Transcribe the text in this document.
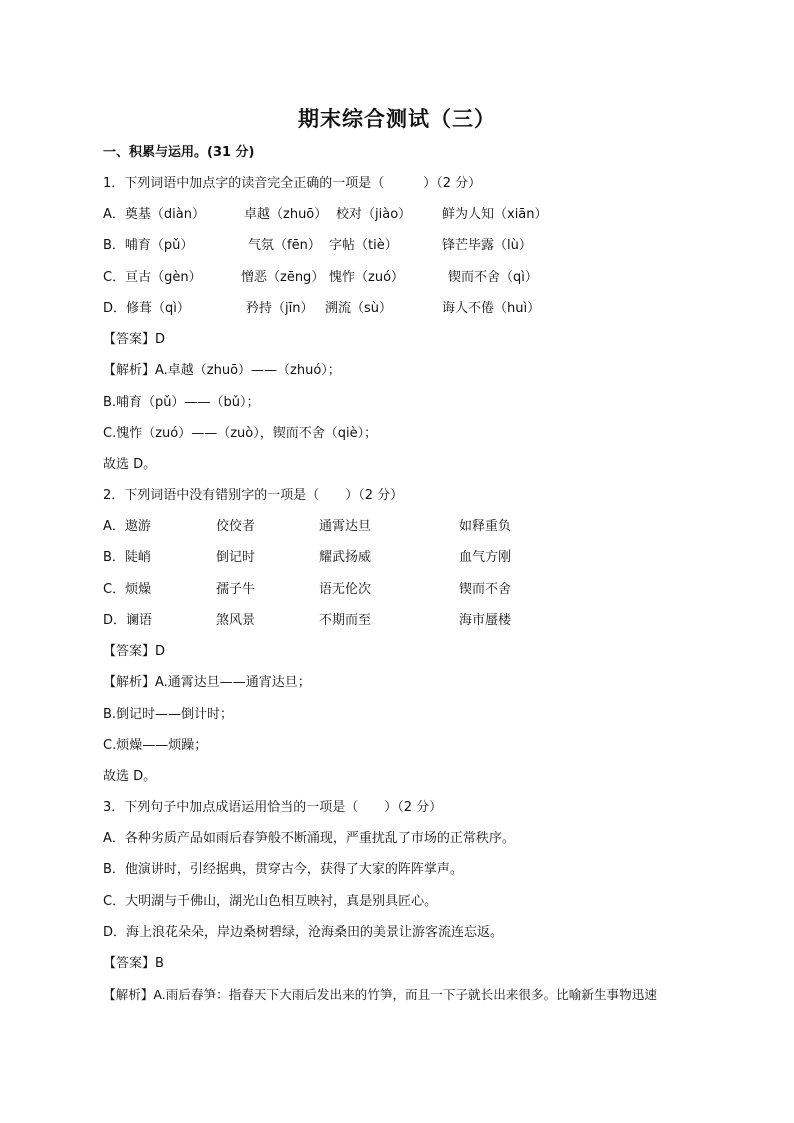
期末综合测试（三）
一、积累与运用。(31 分)
1．下列词语中加点字的读音完全正确的一项是（　　　）（2 分）
A．奠基（diàn）	卓越（zhuō） 校对（jiào） 鲜为人知（xiān）
B．哺育（pǔ）	气氛（fēn） 字帖（tiè）	锋芒毕露（lù）
C．亘古（gèn）	憎恶（zēng） 愧怍（zuó）	锲而不舍（qì）
D．修葺（qì）	矜持（jīn） 溯流（sù）	诲人不倦（huì）
【答案】D
【解析】A.卓越（zhuō）——（zhuó）；
B.哺育（pǔ）——（bǔ）；
C.愧怍（zuó）——（zuò），锲而不舍（qiè）；
故选 D。
2．下列词语中没有错别字的一项是（　　）（2 分）
A．遨游	佼佼者	通霄达旦	如释重负
B．陡峭	倒记时	耀武扬威	血气方刚
C．烦燥	孺子牛	语无伦次	锲而不舍
D．谰语	煞风景	不期而至	海市蜃楼
【答案】D
【解析】A.通霄达旦——通宵达旦；
B.倒记时——倒计时；
C.烦燥——烦躁；
故选 D。
3．下列句子中加点成语运用恰当的一项是（　　）（2 分）
A．各种劣质产品如雨后春笋般不断涌现，严重扰乱了市场的正常秩序。
B．他演讲时，引经据典，贯穿古今，获得了大家的阵阵掌声。
C．大明湖与千佛山，湖光山色相互映衬，真是别具匠心。
D．海上浪花朵朵，岸边桑树碧绿，沧海桑田的美景让游客流连忘返。
【答案】B
【解析】A.雨后春笋：指春天下大雨后发出来的竹笋，而且一下子就长出来很多。比喻新生事物迅速
